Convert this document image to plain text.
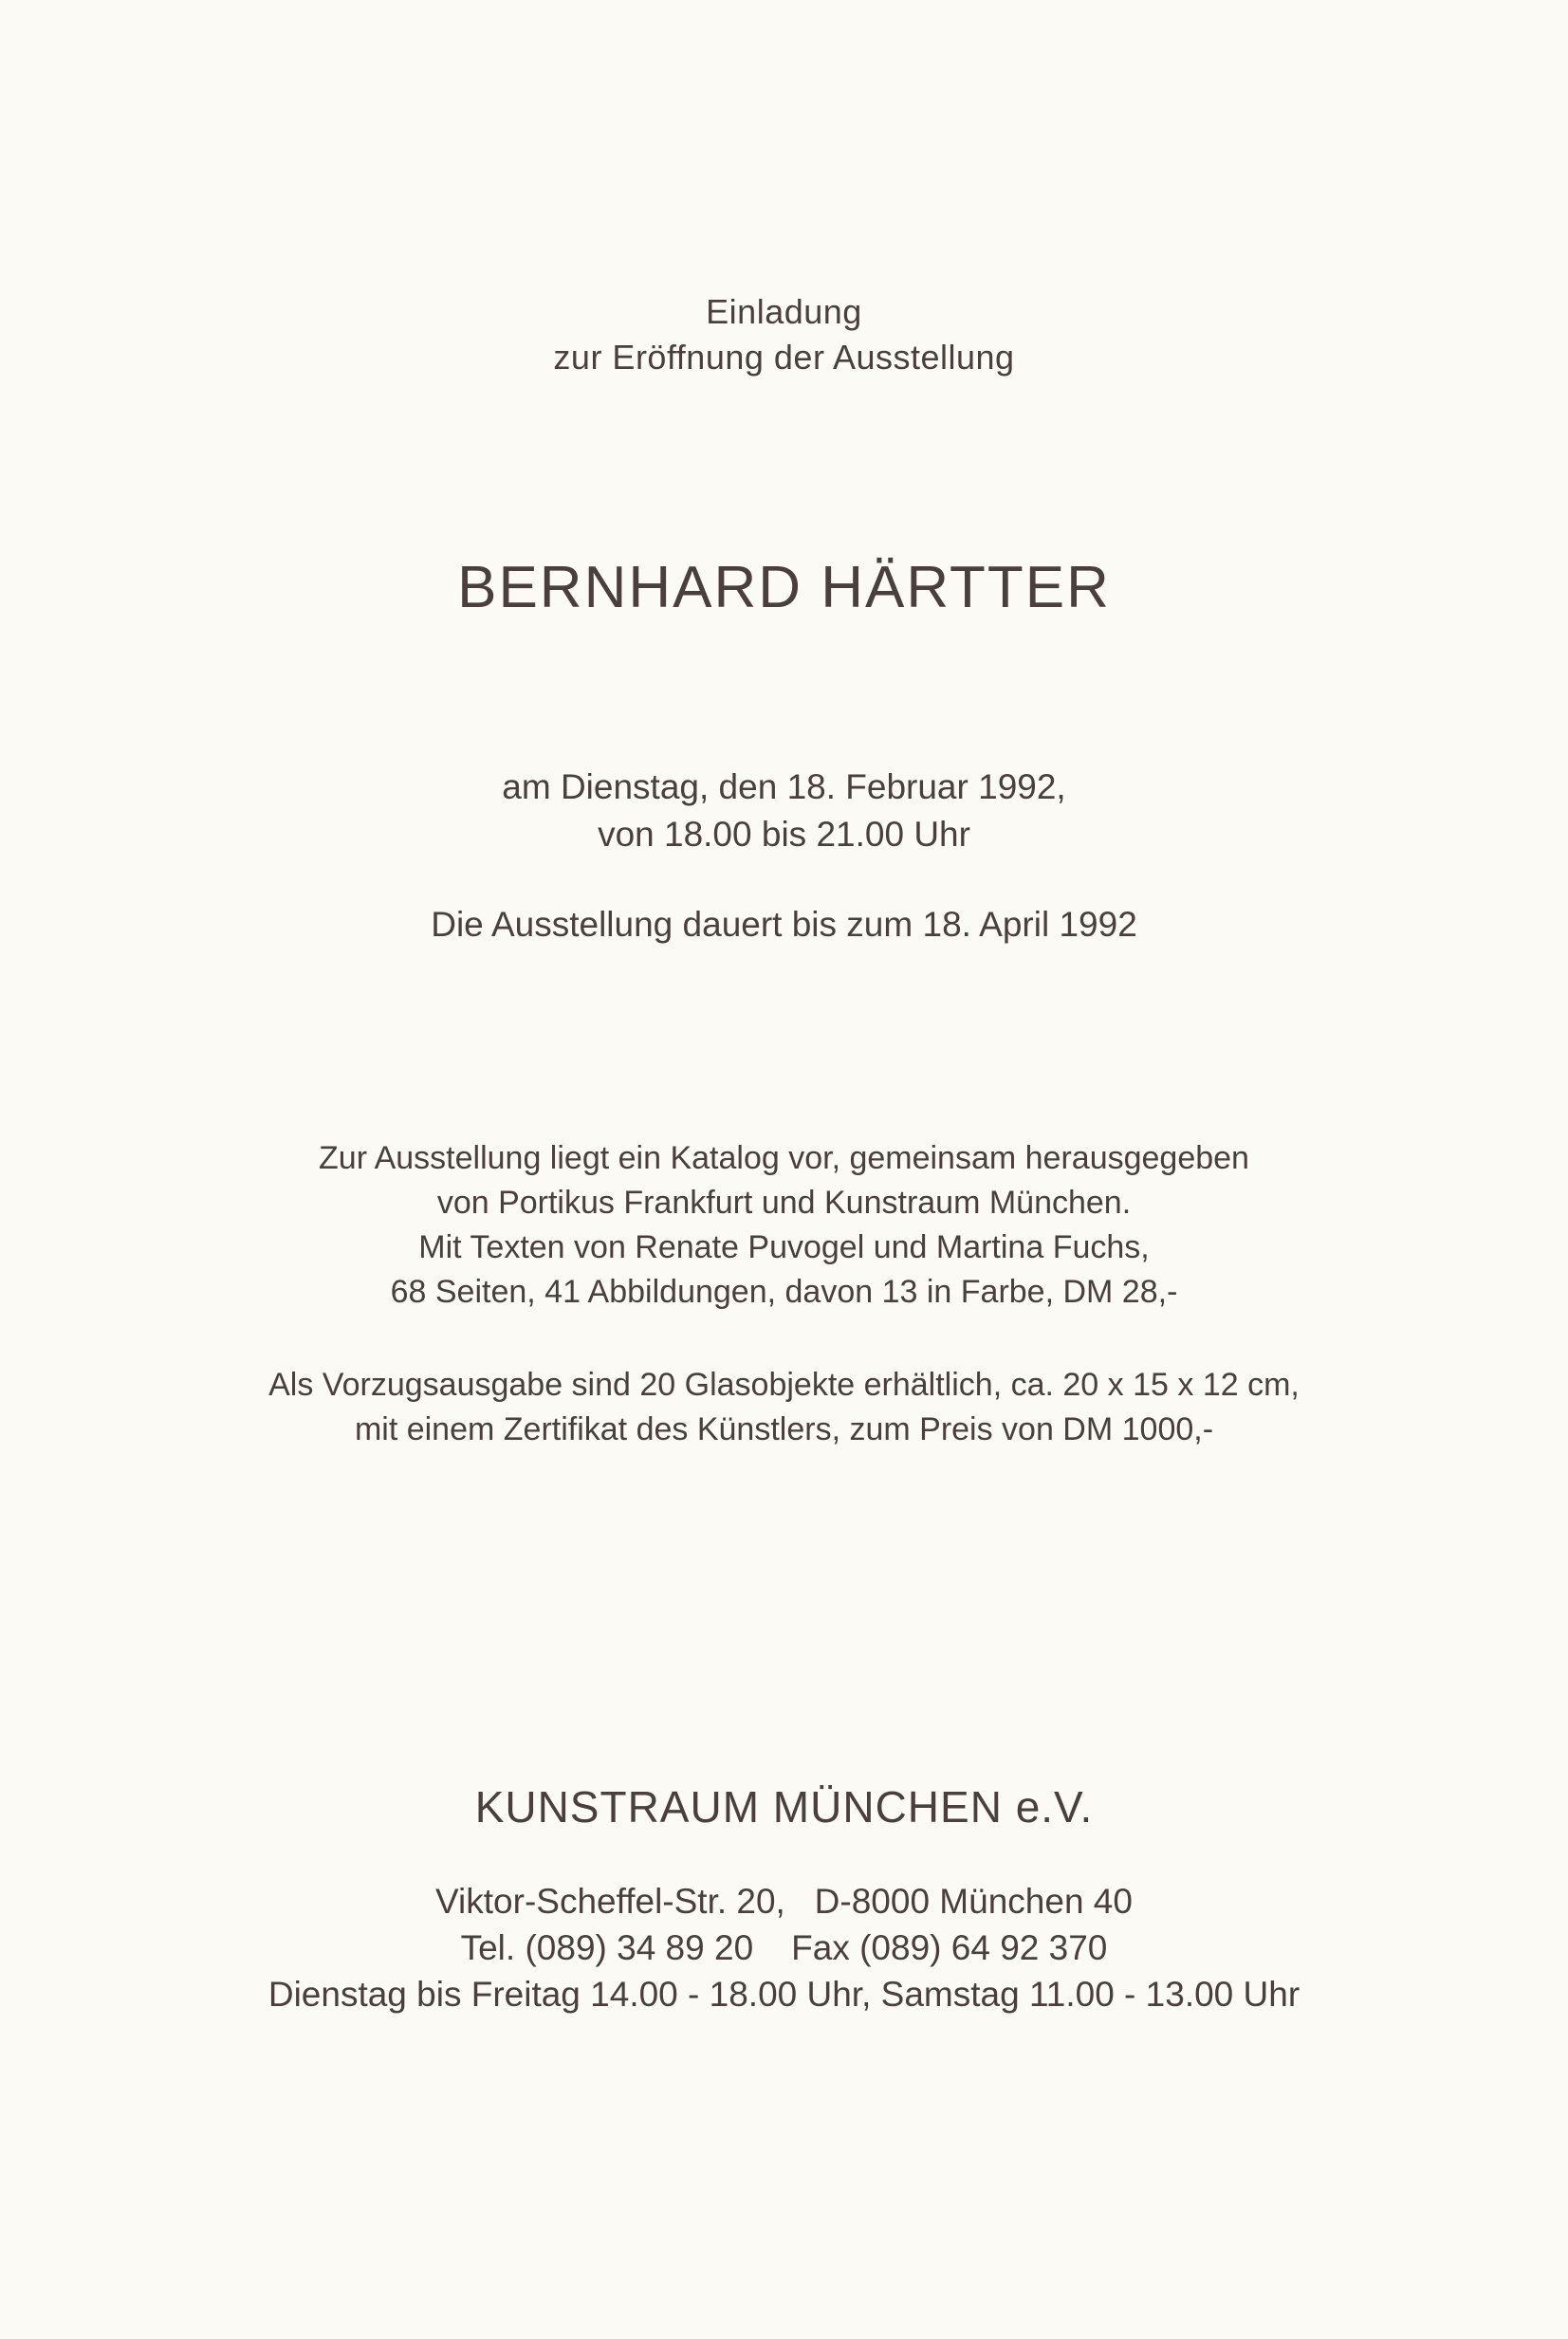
Einladung
zur Eröffnung der Ausstellung
BERNHARD HÄRTTER
am Dienstag, den 18. Februar 1992,
von 18.00 bis 21.00 Uhr
Die Ausstellung dauert bis zum 18. April 1992
Zur Ausstellung liegt ein Katalog vor, gemeinsam herausgegeben
von Portikus Frankfurt und Kunstraum München.
Mit Texten von Renate Puvogel und Martina Fuchs,
68 Seiten, 41 Abbildungen, davon 13 in Farbe, DM 28,-
Als Vorzugsausgabe sind 20 Glasobjekte erhältlich, ca. 20 x 15 x 12 cm,
mit einem Zertifikat des Künstlers, zum Preis von DM 1000,-
KUNSTRAUM MÜNCHEN e.V.
Viktor-Scheffel-Str. 20,   D-8000 München 40
Tel. (089) 34 89 20 Fax (089) 64 92 370
Dienstag bis Freitag 14.00 - 18.00 Uhr, Samstag 11.00 - 13.00 Uhr
